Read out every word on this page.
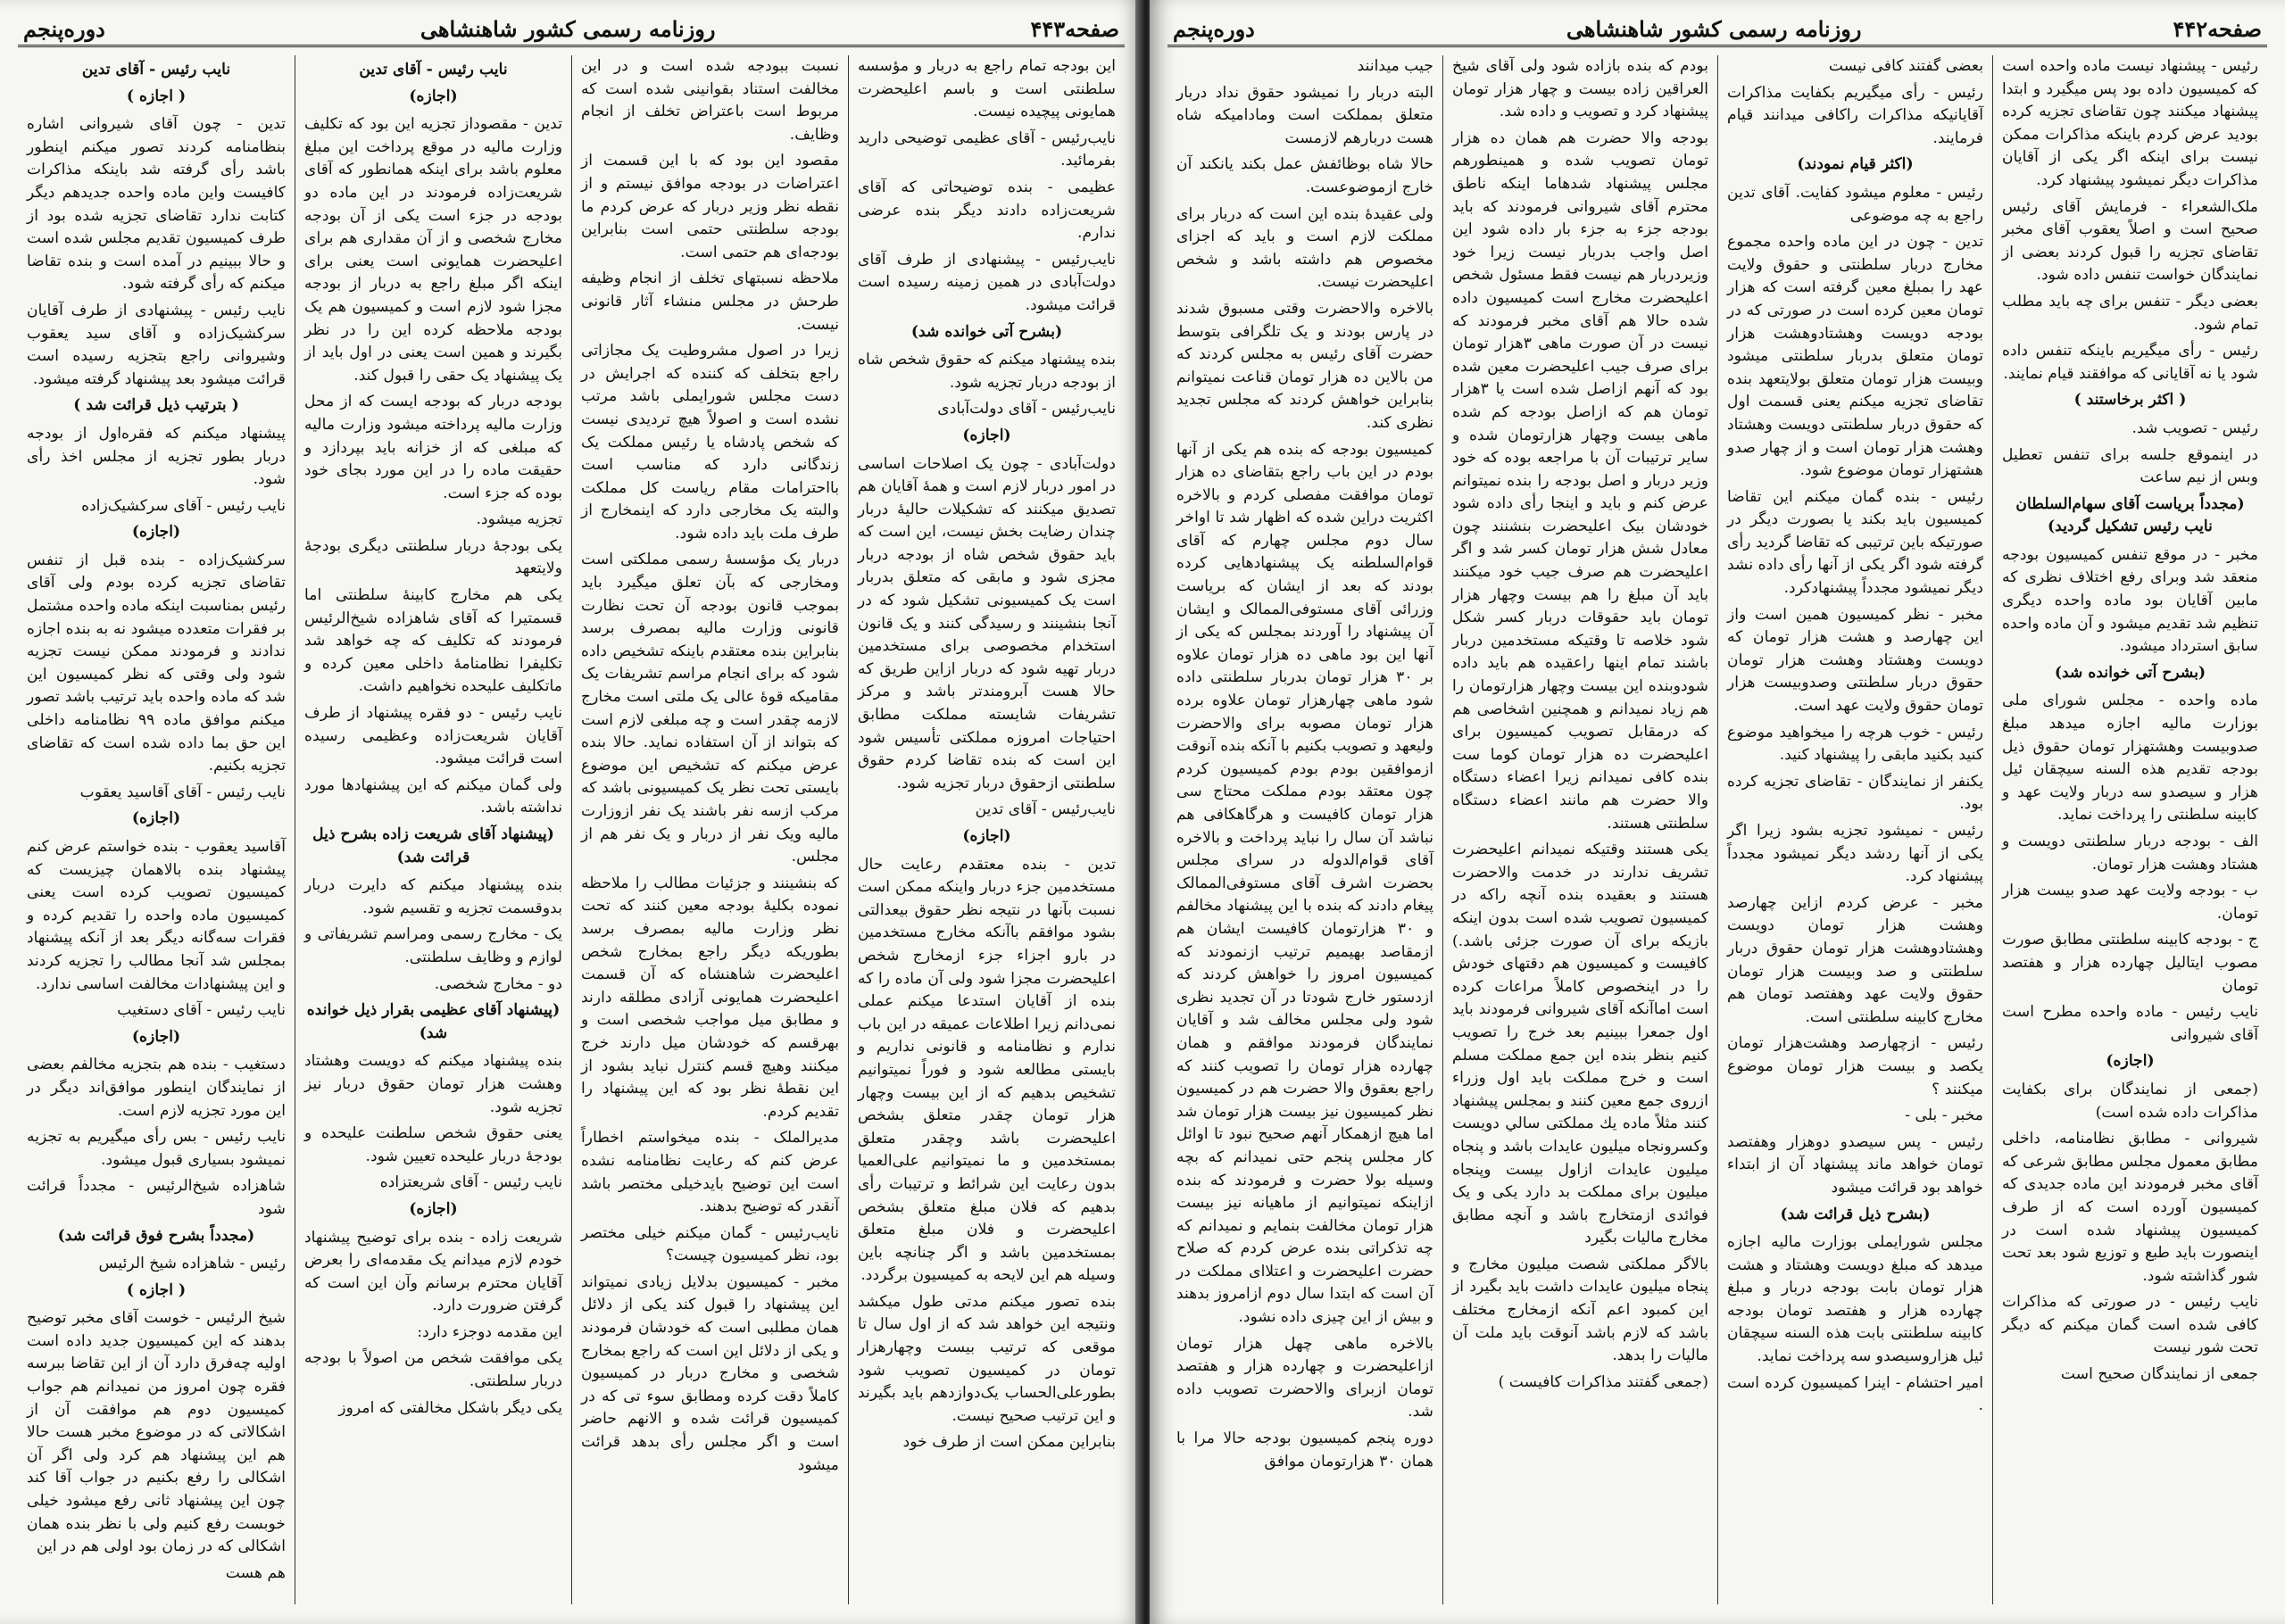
صفحه۴۴۳
روزنامه رسمی کشور شاهنشاهی
دوره‌پنجم

این بودجه تمام راجع به دربار و مؤسسه سلطنتی است و باسم اعلیحضرت همایونی پیچیده نیست.

نایب‌رئیس - آقای عظیمی توضیحی دارید بفرمائید.

عظیمی - بنده توضیحاتی که آقای شریعت‌زاده دادند دیگر بنده عرضی ندارم.

نایب‌رئیس - پیشنهادی از طرف آقای دولت‌آبادی در همین زمینه رسیده است قرائت میشود.

(بشرح آتی خوانده شد)

بنده پیشنهاد میکنم که حقوق شخص شاه از بودجه دربار تجزیه شود.

نایب‌رئیس - آقای دولت‌آبادی

(اجازه)

دولت‌آبادی - چون یک اصلاحات اساسی در امور دربار لازم است و همهٔ آقایان هم تصدیق میکنند که تشکیلات حالیهٔ دربار چندان رضایت بخش نیست، این است که باید حقوق شخص شاه از بودجه دربار مجزی شود و مابقی که متعلق بدربار است یک کمیسیونی تشکیل شود که در آنجا بنشینند و رسیدگی کنند و یک قانون استخدام مخصوصی برای مستخدمین دربار تهیه شود که دربار ازاین طریق که حالا هست آبرومندتر باشد و مرکز تشریفات شایسته مملکت مطابق احتیاجات امروزه مملکتی تأسیس شود این است که بنده تقاضا کردم حقوق سلطنتی ازحقوق دربار تجزیه شود.

نایب‌رئیس - آقای تدین

(اجازه)

تدین - بنده معتقدم رعایت حال مستخدمین جزء دربار واینکه ممکن است نسبت بآنها در نتیجه نظر حقوق بیعدالتی بشود موافقم باآنکه مخارج مستخدمین در بارو اجزاء جزء ازمخارج شخص اعلیحضرت مجزا شود ولی آن ماده را که بنده از آقایان استدعا میکنم عملی نمی‌دانم زیرا اطلاعات عمیقه در این باب ندارم و نظامنامه و قانونی نداریم و بایستی مطالعه شود و فوراً نمیتوانیم تشخیص بدهیم که از این بیست وچهار هزار تومان چقدر متعلق بشخص اعلیحضرت باشد وچقدر متعلق بمستخدمین و ما نمیتوانیم علی‌العمیا بدون رعایت این شرائط و ترتیبات رأی بدهیم که فلان مبلغ متعلق بشخص اعلیحضرت و فلان مبلغ متعلق بمستخدمین باشد و اگر چنانچه باین وسیله هم این لایحه به کمیسیون برگردد.

بنده تصور میکنم مدتی طول میکشد ونتیجه این خواهد شد که از اول سال تا موقعی که ترتیب بیست وچهارهزار تومان در کمیسیون تصویب شود بطورعلی‌الحساب یک‌دوازدهم باید بگیرند و این ترتیب صحیح نیست.

بنابراین ممکن است از طرف خود

نسبت ببودجه شده است و در این مخالفت استناد بقوانینی شده است که مربوط است باعتراض تخلف از انجام وظایف.

مقصود این بود که با این قسمت از اعتراضات در بودجه موافق نیستم و از نقطه نظر وزیر دربار که عرض کردم ما بودجه سلطنتی حتمی است بنابراین بودجه‌ای هم حتمی است.

ملاحظه نسبتهای تخلف از انجام وظیفه طرحش در مجلس منشاء آثار قانونی نیست.

زیرا در اصول مشروطیت یک مجازاتی راجع بتخلف که کننده که اجرایش در دست مجلس شورایملی باشد مرتب نشده است و اصولاً هیچ تردیدی نیست که شخص پادشاه یا رئیس مملکت یک زندگانی دارد که مناسب است بااحترامات مقام ریاست کل مملکت والبته یک مخارجی دارد که اینمخارج از طرف ملت باید داده شود.

دربار یک مؤسسهٔ رسمی مملکتی است ومخارجی که بآن تعلق میگیرد باید بموجب قانون بودجه آن تحت نظارت قانونی وزارت مالیه بمصرف برسد بنابراین بنده معتقدم باینکه تشخیص داده شود که برای انجام مراسم تشریفات یک مقامیکه قوهٔ عالی یک ملتی است مخارج لازمه چقدر است و چه مبلغی لازم است که بتواند از آن استفاده نماید. حالا بنده عرض میکنم که تشخیص این موضوع بایستی تحت نظر یک کمیسیونی باشد که مرکب ازسه نفر باشند یک نفر ازوزارت مالیه ویک نفر از دربار و یک نفر هم از مجلس.

که بنشینند و جزئیات مطالب را ملاحظه نموده بکلیهٔ بودجه معین کنند که تحت نظر وزارت مالیه بمصرف برسد بطوریکه دیگر راجع بمخارج شخص اعلیحضرت شاهنشاه که آن قسمت اعلیحضرت همایونی آزادی مطلقه دارند و مطابق میل مواجب شخصی است و بهرقسم که خودشان میل دارند خرج میکنند وهیچ قسم کنترل نباید بشود از این نقطهٔ نظر بود که این پیشنهاد را تقدیم کردم.

مدیرالملک - بنده میخواستم اخطاراً عرض کنم که رعایت نظامنامه نشده است این توضیح بایدخیلی مختصر باشد آنقدر که توضیح بدهند.

نایب‌رئیس - گمان میکنم خیلی مختصر بود، نظر کمیسیون چیست؟

مخبر - کمیسیون بدلایل زیادی نمیتواند این پیشنهاد را قبول کند یکی از دلائل همان مطلبی است که خودشان فرمودند و یکی از دلائل این است که راجع بمخارج شخصی و مخارج دربار در کمیسیون کاملاً دقت کرده ومطابق سوء تی که در کمیسیون قرائت شده و الانهم حاضر است و اگر مجلس رأی بدهد قرائت میشود

نایب رئیس - آقای تدین
(اجازه)

تدین - مقصوداز تجزیه این بود که تکلیف وزارت مالیه در موقع پرداخت این مبلغ معلوم باشد برای اینکه همانطور که آقای شریعت‌زاده فرمودند در این ماده دو بودجه در جزء است یکی از آن بودجه مخارج شخصی و از آن مقداری هم برای اعلیحضرت همایونی است یعنی برای اینکه اگر مبلغ راجع به دربار از بودجه مجزا شود لازم است و کمیسیون هم یک بودجه ملاحظه کرده این را در نظر بگیرند و همین است یعنی در اول باید از یک پیشنهاد یک حقی را قبول کند.

بودجه دربار که بودجه ایست که از محل وزارت مالیه پرداخته میشود وزارت مالیه که مبلغی که از خزانه باید بپردازد و حقیقت ماده را در این مورد بجای خود بوده که جزء است.

تجزیه میشود.

یکی بودجهٔ دربار سلطنتی دیگری بودجهٔ ولایتعهد

یکی هم مخارج کابینهٔ سلطنتی اما قسمتیرا که آقای شاهزاده شیخ‌الرئیس فرمودند که تکلیف که چه خواهد شد تکلیفرا نظامنامهٔ داخلی معین کرده و ماتکلیف علیحده نخواهیم داشت.

نایب رئیس - دو فقره پیشنهاد از طرف آقایان شریعت‌زاده وعظیمی رسیده است قرائت میشود.

ولی گمان میکنم که این پیشنهادها مورد نداشته باشد.

(پیشنهاد آقای شریعت زاده بشرح ذیل قرائت شد)

بنده پیشنهاد میکنم که دایرت دربار بدوقسمت تجزیه و تقسیم شود.

یک - مخارج رسمی ومراسم تشریفاتی و لوازم و وظایف سلطنتی.

دو - مخارج شخصی.

(پیشنهاد آقای عظیمی بقرار ذیل خوانده شد)

بنده پیشنهاد میکنم که دویست وهشتاد وهشت هزار تومان حقوق دربار نیز تجزیه شود.

یعنی حقوق شخص سلطنت علیحده و بودجهٔ دربار علیحده تعیین شود.

نایب رئیس - آقای شریعتزاده

(اجازه)

شریعت زاده - بنده برای توضیح پیشنهاد خودم لازم میدانم یک مقدمه‌ای را بعرض آقایان محترم برسانم وآن این است که گرفتن ضرورت دارد.

این مقدمه دوجزء دارد:

یکی موافقت شخص من اصولاً با بودجه دربار سلطنتی.

یکی دیگر باشکل مخالفتی که امروز

نایب رئیس - آقای تدین
( اجازه )

تدین - چون آقای شیروانی اشاره بنظامنامه کردند تصور میکنم اینطور باشد رأی گرفته شد باینکه مذاکرات کافیست واین ماده واحده جدیدهم دیگر کتابت ندارد تقاضای تجزیه شده بود از طرف کمیسیون تقدیم مجلس شده است و حالا ببینیم در آمده است و بنده تقاضا میکنم که رأی گرفته شود.

نایب رئیس - پیشنهادی از طرف آقایان سرکشیک‌زاده و آقای سید یعقوب وشیروانی راجع بتجزیه رسیده است قرائت میشود بعد پیشنهاد گرفته میشود.

( بترتیب ذیل قرائت شد )

پیشنهاد میکنم که فقره‌اول از بودجه دربار بطور تجزیه از مجلس اخذ رأی شود.

نایب رئیس - آقای سرکشیک‌زاده

(اجازه)

سرکشیک‌زاده - بنده قبل از تنفس تقاضای تجزیه کرده بودم ولی آقای رئیس بمناسبت اینکه ماده واحده مشتمل بر فقرات متعدده میشود نه به بنده اجازه ندادند و فرمودند ممکن نیست تجزیه شود ولی وقتی که نظر کمیسیون این شد که ماده واحده باید ترتیب باشد تصور میکنم موافق ماده ۹۹ نظامنامه داخلی این حق بما داده شده است که تقاضای تجزیه بکنیم.

نایب رئیس - آقای آقاسید یعقوب

(اجازه)

آقاسید یعقوب - بنده خواستم عرض کنم پیشنهاد بنده بالاهمان چیزیست که کمیسیون تصویب کرده است یعنی کمیسیون ماده واحده را تقدیم کرده و فقرات سه‌گانه دیگر بعد از آنکه پیشنهاد بمجلس شد آنجا مطالب را تجزیه کردند و این پیشنهادات مخالفت اساسی ندارد.

نایب رئیس - آقای دستغیب

(اجازه)

دستغیب - بنده هم بتجزیه مخالفم بعضی از نمایندگان اینطور موافق‌اند دیگر در این مورد تجزیه لازم است.

نایب رئیس - بس رأی میگیریم به تجزیه نمیشود بسیاری قبول میشود.

شاهزاده شیخ‌الرئیس - مجدداً قرائت شود

(مجدداً بشرح فوق قرائت شد)

رئیس - شاهزاده شیخ الرئیس

( اجازه )

شیخ الرئیس - خوست آقای مخبر توضیح بدهند که این کمیسیون جدید داده است اولیه چه‌فرق دارد آن از این تقاضا ببرسه فقره چون امروز من نمیدانم هم جواب کمیسیون دوم هم موافقت آن از اشکالاتی که در موضوع مخبر هست حالا هم این پیشنهاد هم کرد ولی اگر آن اشکالی را رفع بکنیم در جواب آقا کند چون این پیشنهاد ثانی رفع میشود خیلی خوبست رفع کنیم ولی با نظر بنده همان اشکالی که در زمان بود اولی هم در این

هم هست

صفحه۴۴۲
روزنامه رسمی کشور شاهنشاهی
دوره‌پنجم

رئیس - پیشنهاد نیست ماده واحده است که کمیسیون داده بود پس میگیرد و ابتدا پیشنهاد میکنند چون تقاضای تجزیه کرده بودید عرض کردم باینکه مذاکرات ممکن نیست برای اینکه اگر یکی از آقایان مذاکرات دیگر نمیشود پیشنهاد کرد.

ملک‌الشعراء - فرمایش آقای رئیس صحیح است و اصلاً یعقوب آقای مخبر تقاضای تجزیه را قبول کردند بعضی از نمایندگان خواست تنفس داده شود.

بعضی دیگر - تنفس برای چه باید مطلب تمام شود.

رئیس - رأی میگیریم باینکه تنفس داده شود یا نه آقایانی که موافقند قیام نمایند.

( اکثر برخاستند )

رئیس - تصویب شد.

در اینموقع جلسه برای تنفس تعطیل وبس از نیم ساعت

(مجدداً بریاست آقای سهام‌السلطان نایب رئیس تشکیل گردید)

مخبر - در موقع تنفس کمیسیون بودجه منعقد شد وبرای رفع اختلاف نظری که مابین آقایان بود ماده واحده دیگری تنظیم شد تقدیم میشود و آن ماده واحده سابق استرداد میشود.

(بشرح آتی خوانده شد)

ماده واحده - مجلس شورای ملی بوزارت مالیه اجازه میدهد مبلغ صدوبیست وهشتهزار تومان حقوق ذیل بودجه تقدیم هذه السنه سیچقان ئیل هزار و سیصدو سه دربار ولایت عهد و کابینه سلطنتی را پرداخت نماید.

الف - بودجه دربار سلطنتی دویست و هشتاد وهشت هزار تومان.

ب - بودجه ولایت عهد صدو بیست هزار تومان.

ج - بودجه کابینه سلطنتی مطابق صورت مصوب ایتالیل چهارده هزار و هفتصد تومان

نایب رئیس - ماده واحده مطرح است آقای شیروانی

(اجازه)

(جمعی از نمایندگان برای بکفایت مذاکرات داده شده است)

شیروانی - مطابق نظامنامه، داخلی مطابق معمول مجلس مطابق شرعی که آقای مخبر فرمودند این ماده جدیدی که کمیسیون آورده است که از طرف کمیسیون پیشنهاد شده است در اینصورت باید طبع و توزیع شود بعد تحت شور گذاشته شود.

نایب رئیس - در صورتی که مذاکرات کافی شده است گمان میکنم که دیگر تحت شور نیست

جمعی از نمایندگان صحیح است

بعضی گفتند کافی نیست

رئیس - رأی میگیریم بکفایت مذاکرات آقایانیکه مذاکرات راکافی میدانند قیام فرمایند.

(اکثر قیام نمودند)

رئیس - معلوم میشود کفایت. آقای تدین راجع به چه موضوعی

تدین - چون در این ماده واحده مجموع مخارج دربار سلطنتی و حقوق ولایت عهد را بمبلغ معین گرفته است که هزار تومان معین کرده است در صورتی که در بودجه دویست وهشتادوهشت هزار تومان متعلق بدربار سلطنتی میشود وبیست هزار تومان متعلق بولایتعهد بنده تقاضای تجزیه میکنم یعنی قسمت اول که حقوق دربار سلطنتی دویست وهشتاد وهشت هزار تومان است و از چهار صدو هشتهزار تومان موضوع شود.

رئیس - بنده گمان میکنم این تقاضا کمیسیون باید بکند یا بصورت دیگر در صورتیکه باین ترتیبی که تقاضا گردید رأی گرفته شود اگر یکی از آنها رأی داده نشد دیگر نمیشود مجدداً پیشنهادکرد.

مخبر - نظر کمیسیون همین است واز این چهارصد و هشت هزار تومان که دویست وهشتاد وهشت هزار تومان حقوق دربار سلطنتی وصدوبیست هزار تومان حقوق ولایت عهد است.

رئیس - خوب هرچه را میخواهید موضوع کنید بکنید مابقی را پیشنهاد کنید.

یکنفر از نمایندگان - تقاضای تجزیه کرده بود.

رئیس - نمیشود تجزیه بشود زیرا اگر یکی از آنها ردشد دیگر نمیشود مجدداً پیشنهاد کرد.

مخبر - عرض کردم ازاین چهارصد وهشت هزار تومان دویست وهشتادوهشت هزار تومان حقوق دربار سلطنتی و صد وبیست هزار تومان حقوق ولایت عهد وهفتصد تومان هم مخارج کابینه سلطنتی است.

رئیس - ازچهارصد وهشت‌هزار تومان یکصد و بیست هزار تومان موضوع میکنند ؟

مخبر - بلی -

رئیس - پس سیصدو دوهزار وهفتصد تومان خواهد ماند پیشنهاد آن از ابتداء خواهد بود قرائت میشود

(بشرح ذیل قرائت شد)

مجلس شورایملی بوزارت مالیه اجازه میدهد که مبلغ دویست وهشتاد و هشت هزار تومان بابت بودجه دربار و مبلغ چهارده هزار و هفتصد تومان بودجه کابینه سلطنتی بابت هذه السنه سیچقان ئیل هزاروسیصدو سه پرداخت نماید.

امیر احتشام - اینرا کمیسیون کرده است .

بودم که بنده بازاده شود ولی آقای شیخ العراقین زاده بیست و چهار هزار تومان پیشنهاد کرد و تصویب و داده شد.

بودجه والا حضرت هم همان ده هزار تومان تصویب شده و همینطورهم مجلس پیشنهاد شدهاما اینکه ناطق محترم آقای شیروانی فرمودند که باید بودجه جزء به جزء بار داده شود این اصل واجب بدربار نیست زیرا خود وزیردربار هم نیست فقط مسئول شخص اعلیحضرت مخارج است کمیسیون داده شده حالا هم آقای مخبر فرمودند که نیست در آن صورت ماهی ۳هزار تومان برای صرف جیب اعلیحضرت معین شده بود که آنهم ازاصل شده است یا ۳هزار تومان هم که ازاصل بودجه کم شده ماهی بیست وچهار هزارتومان شده و سایر ترتیبات آن با مراجعه بوده که خود وزیر دربار و اصل بودجه را بنده نمیتوانم عرض کنم و باید و اینجا رأی داده شود خودشان بیک اعلیحضرت بنشنند چون معادل شش هزار تومان کسر شد و اگر اعلیحضرت هم صرف جیب خود میکنند باید آن مبلغ را هم بیست وچهار هزار تومان باید حقوقات دربار کسر شکل شود خلاصه تا وقتیکه مستخدمین دربار باشند تمام اینها راعقیده هم باید داده شودوبنده این بیست وچهار هزارتومان را هم زیاد نمیدانم و همچنین اشخاصی هم که درمقابل تصویب کمیسیون برای اعلیحضرت ده هزار تومان کوما ست بنده کافی نمیدانم زیرا اعضاء دستگاه والا حضرت هم مانند اعضاء دستگاه سلطنتی هستند.

یکی هستند وقتیکه نمیدانم اعلیحضرت تشریف ندارند در خدمت والاحضرت هستند و بعقیده بنده آنچه راکه در کمیسیون تصویب شده است بدون اینکه بازیکه برای آن صورت جزئی باشد.) کافیست و کمیسیون هم دقتهای خودش را در اینخصوص کاملاً مراعات کرده است اماآنکه آقای شیروانی فرمودند باید اول جمعرا ببینیم بعد خرج را تصویب کنیم بنظر بنده این جمع مملکت مسلم است و خرج مملکت باید اول وزراء ازروی جمع معین کنند و بمجلس پیشنهاد کنند مثلاً ماده يك مملکتی سالي دويست وكسرونجاه ميليون عايدات باشد و پنجاه ميليون عایدات ازاول بيست وپنجاه میلیون برای مملکت بد دارد یکی و یک فوائدی ازمتخارج باشد و آنچه مطابق مخارج ماليات بگيرد

بالاگر مملکتی شصت میلیون مخارج و پنجاه میلیون عایدات داشت باید بگیرد از این کمبود اعم آنکه ازمخارج مختلف باشد که لازم باشد آنوقت باید ملت آن مالیات را بدهد.

(جمعی گفتند مذاکرات کافیست )

جیب میدانند

البته دربار را نمیشود حقوق نداد دربار متعلق بمملکت است ومادامیکه شاه هست دربارهم لازمست

حالا شاه بوظائفش عمل بکند یانکند آن خارج ازموضوعست.

ولی عقیدهٔ بنده این است که دربار برای مملکت لازم است و باید که اجزای مخصوص هم داشته باشد و شخص اعلیحضرت نیست.

بالاخره والاحضرت وقتی مسبوق شدند در پارس بودند و یک تلگرافی بتوسط حضرت آقای رئیس به مجلس کردند که من بالاین ده هزار تومان قناعت نمیتوانم بنابراین خواهش کردند که مجلس تجدید نظری کند.

کمیسیون بودجه که بنده هم یکی از آنها بودم در این باب راجع بتقاضای ده هزار تومان موافقت مفصلی کردم و بالاخره اکثریت دراین شده که اظهار شد تا اواخر سال دوم مجلس چهارم که آقای قوام‌السلطنه یک پیشنهادهایی کرده بودند که بعد از ایشان که بریاست وزرائی آقای مستوفی‌الممالک و ایشان آن پیشنهاد را آوردند بمجلس که یکی از آنها این بود ماهی ده هزار تومان علاوه بر ۳۰ هزار تومان بدربار سلطنتی داده شود ماهی چهارهزار تومان علاوه برده هزار تومان مصوبه برای والاحضرت ولیعهد و تصویب بکنیم با آنکه بنده آنوقت ازموافقین بودم بودم کمیسیون کردم چون معتقد بودم مملکت محتاج سی هزار تومان کافیست و هرگاهکافی هم نباشد آن سال را نباید پرداخت و بالاخره آقای قوام‌الدوله در سرای مجلس بحضرت اشرف آقای مستوفی‌الممالک پیغام دادند که بنده با این پیشنهاد مخالفم و ۳۰ هزارتومان کافیست ایشان هم ازمقاصد بهیمیم ترتیب ازنمودند که کمیسیون امروز را خواهش کردند که ازدستور خارج شودتا در آن تجدید نظری شود ولی مجلس مخالف شد و آقایان نمایندگان فرمودند موافقم و همان چهارده هزار تومان را تصویب کنند که راجع بعقوق والا حضرت هم در کمیسیون نظر کمیسیون نیز بیست هزار تومان شد اما هیچ ازهمکار آنهم صحیح نبود تا اوائل کار مجلس پنجم حتی نمیدانم که بچه وسیله بولا حضرت و فرمودند که بنده ازاینکه نمیتوانیم از ماهیانه نیز بیست هزار تومان مخالفت بنمایم و نمیدانم که چه تذکراتی بنده عرض کردم که صلاح حضرت اعلیحضرت و اعتلاای مملکت در آن است که ابتدا سال دوم ازامروز بدهند و بیش از این چیزی داده نشود.

بالاخره ماهی چهل هزار تومان ازاعلیحضرت و چهارده هزار و هفتصد تومان ازبرای والاحضرت تصویب داده شد.

دوره پنجم کمیسیون بودجه حالا مرا با همان ۳۰ هزارتومان موافق
